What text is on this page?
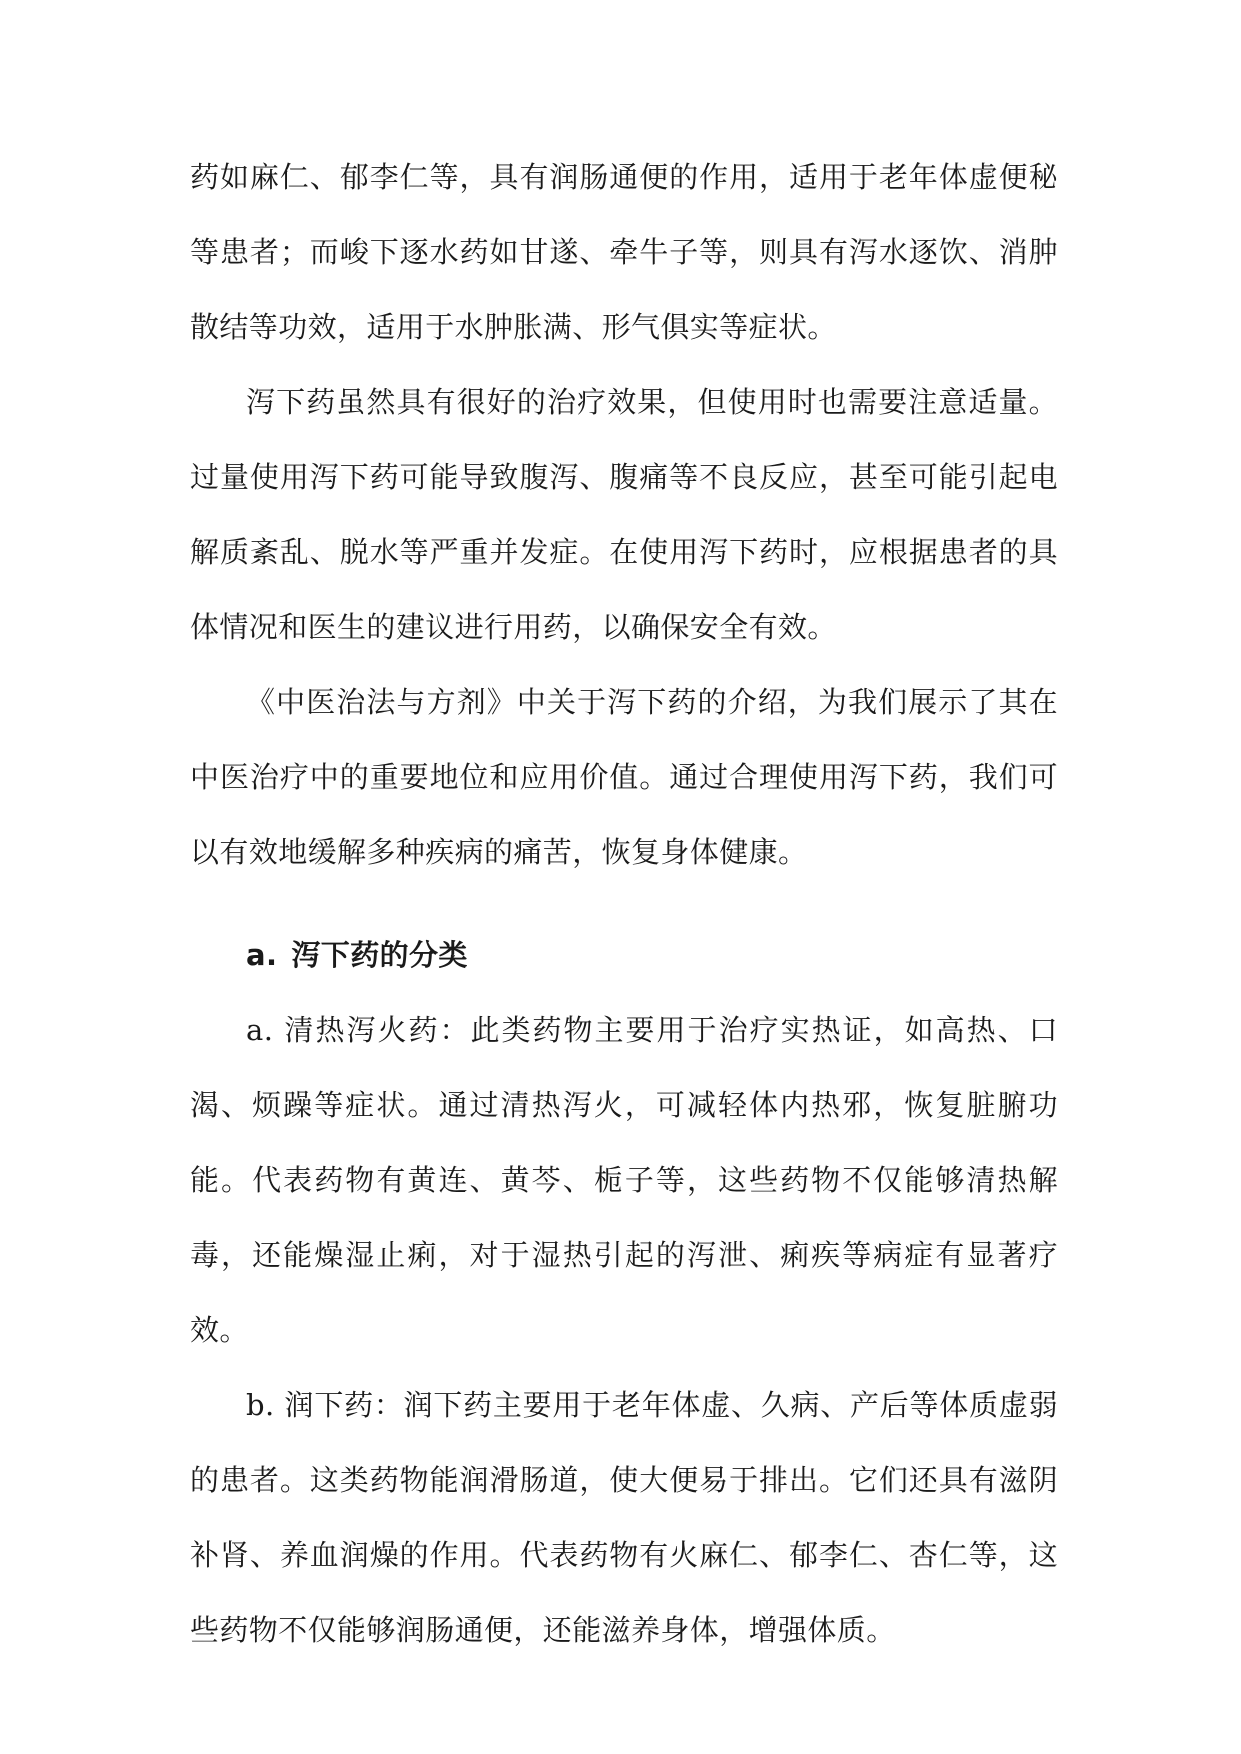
药如麻仁、郁李仁等，具有润肠通便的作用，适用于老年体虚便秘等患者；而峻下逐水药如甘遂、牵牛子等，则具有泻水逐饮、消肿散结等功效，适用于水肿胀满、形气俱实等症状。

泻下药虽然具有很好的治疗效果，但使用时也需要注意适量。过量使用泻下药可能导致腹泻、腹痛等不良反应，甚至可能引起电解质紊乱、脱水等严重并发症。在使用泻下药时，应根据患者的具体情况和医生的建议进行用药，以确保安全有效。

《中医治法与方剂》中关于泻下药的介绍，为我们展示了其在中医治疗中的重要地位和应用价值。通过合理使用泻下药，我们可以有效地缓解多种疾病的痛苦，恢复身体健康。

a. 泻下药的分类

a. 清热泻火药：此类药物主要用于治疗实热证，如高热、口渴、烦躁等症状。通过清热泻火，可减轻体内热邪，恢复脏腑功能。代表药物有黄连、黄芩、栀子等，这些药物不仅能够清热解毒，还能燥湿止痢，对于湿热引起的泻泄、痢疾等病症有显著疗效。

b. 润下药：润下药主要用于老年体虚、久病、产后等体质虚弱的患者。这类药物能润滑肠道，使大便易于排出。它们还具有滋阴补肾、养血润燥的作用。代表药物有火麻仁、郁李仁、杏仁等，这些药物不仅能够润肠通便，还能滋养身体，增强体质。
